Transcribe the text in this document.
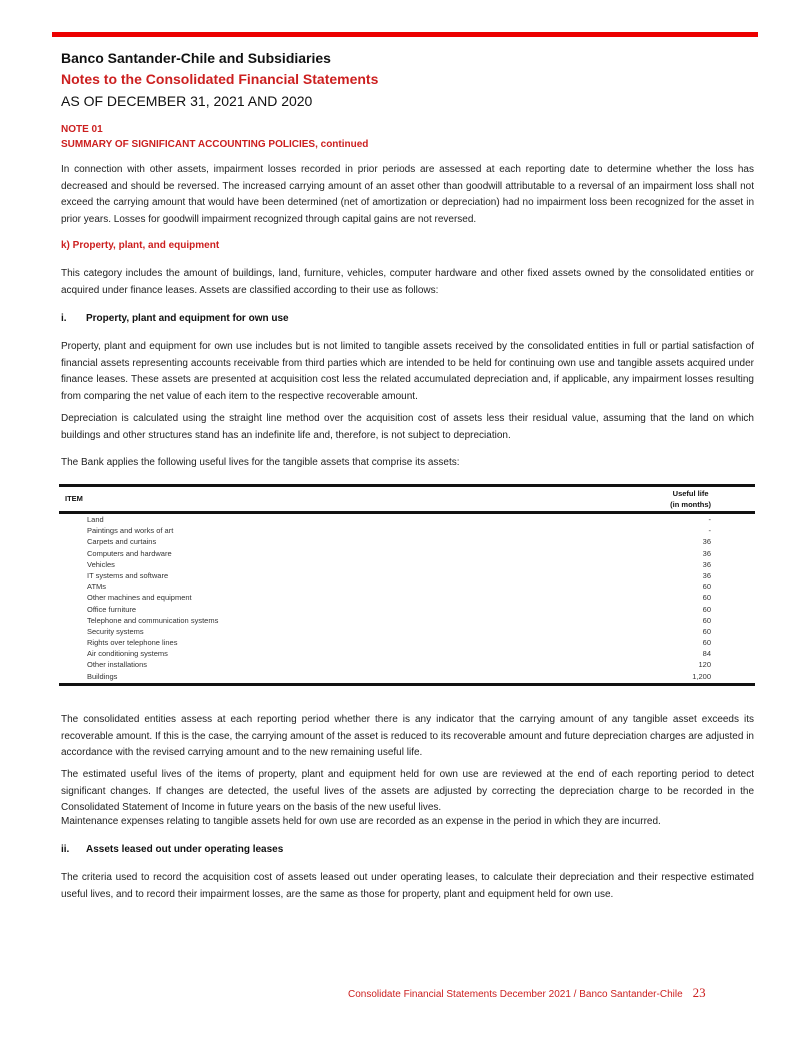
Banco Santander-Chile and Subsidiaries
Notes to the Consolidated Financial Statements
AS OF DECEMBER 31, 2021 AND 2020
NOTE 01
SUMMARY OF SIGNIFICANT ACCOUNTING POLICIES, continued

In connection with other assets, impairment losses recorded in prior periods are assessed at each reporting date to determine whether the loss has decreased and should be reversed. The increased carrying amount of an asset other than goodwill attributable to a reversal of an impairment loss shall not exceed the carrying amount that would have been determined (net of amortization or depreciation) had no impairment loss been recognized for the asset in prior years. Losses for goodwill impairment recognized through capital gains are not reversed.

k) Property, plant, and equipment

This category includes the amount of buildings, land, furniture, vehicles, computer hardware and other fixed assets owned by the consolidated entities or acquired under finance leases. Assets are classified according to their use as follows:

i. Property, plant and equipment for own use

Property, plant and equipment for own use includes but is not limited to tangible assets received by the consolidated entities in full or partial satisfaction of financial assets representing accounts receivable from third parties which are intended to be held for continuing own use and tangible assets acquired under finance leases. These assets are presented at acquisition cost less the related accumulated depreciation and, if applicable, any impairment losses resulting from comparing the net value of each item to the respective recoverable amount.

Depreciation is calculated using the straight line method over the acquisition cost of assets less their residual value, assuming that the land on which buildings and other structures stand has an indefinite life and, therefore, is not subject to depreciation.

The Bank applies the following useful lives for the tangible assets that comprise its assets:

ITEM
Useful life
(in months)
Land	-
Paintings and works of art	-
Carpets and curtains	36
Computers and hardware	36
Vehicles	36
IT systems and software	36
ATMs	60
Other machines and equipment	60
Office furniture	60
Telephone and communication systems	60
Security systems	60
Rights over telephone lines	60
Air conditioning systems	84
Other installations	120
Buildings	1,200

The consolidated entities assess at each reporting period whether there is any indicator that the carrying amount of any tangible asset exceeds its recoverable amount. If this is the case, the carrying amount of the asset is reduced to its recoverable amount and future depreciation charges are adjusted in accordance with the revised carrying amount and to the new remaining useful life.

The estimated useful lives of the items of property, plant and equipment held for own use are reviewed at the end of each reporting period to detect significant changes. If changes are detected, the useful lives of the assets are adjusted by correcting the depreciation charge to be recorded in the Consolidated Statement of Income in future years on the basis of the new useful lives.

Maintenance expenses relating to tangible assets held for own use are recorded as an expense in the period in which they are incurred.

ii. Assets leased out under operating leases

The criteria used to record the acquisition cost of assets leased out under operating leases, to calculate their depreciation and their respective estimated useful lives, and to record their impairment losses, are the same as those for property, plant and equipment held for own use.

Consolidate Financial Statements December 2021 / Banco Santander-Chile 23
